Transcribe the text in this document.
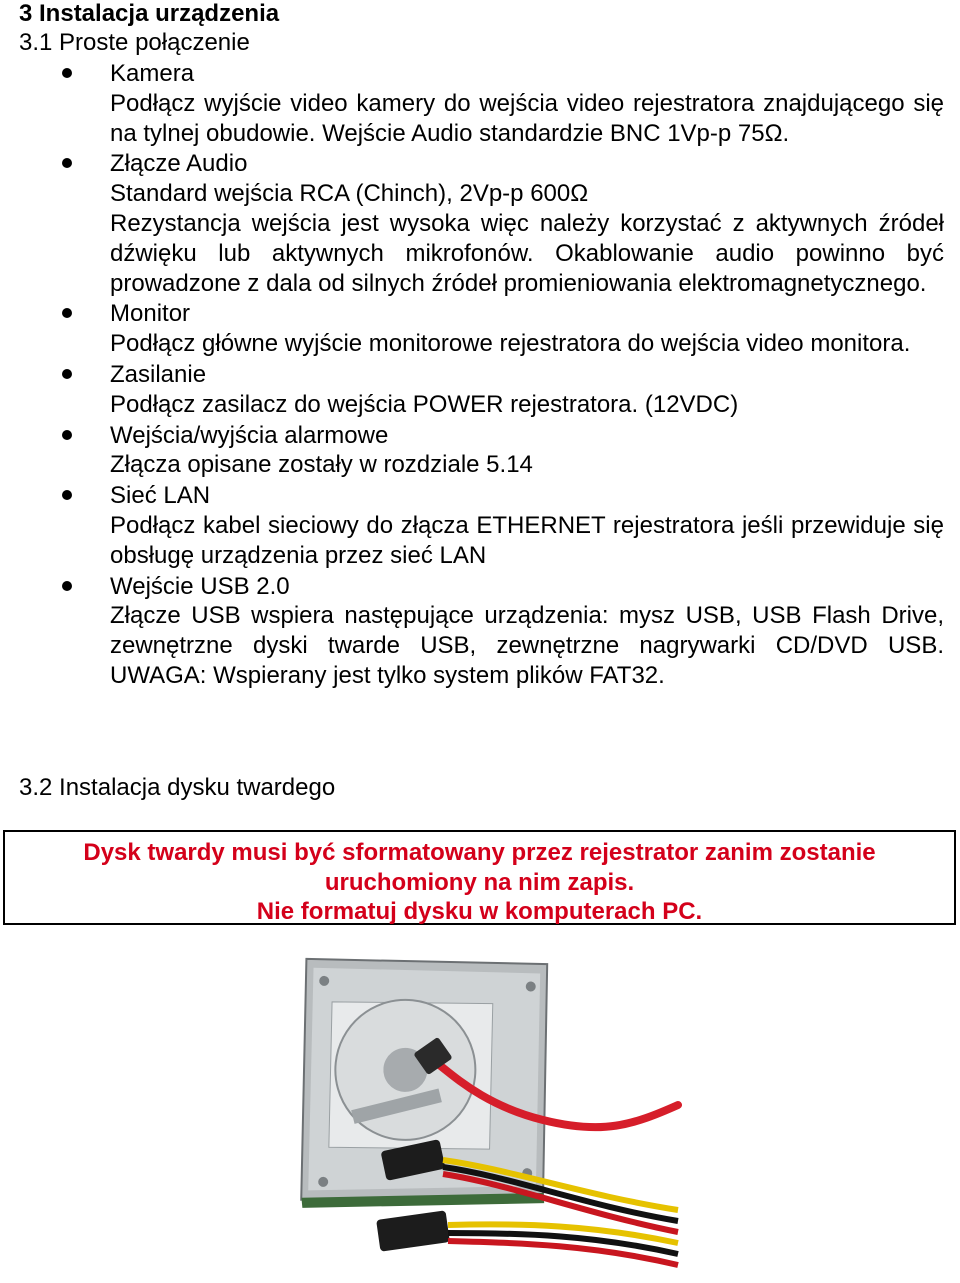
3 Instalacja urządzenia
3.1 Proste połączenie
Kamera
Podłącz wyjście video kamery do wejścia video rejestratora znajdującego się na tylnej obudowie. Wejście Audio standardzie BNC 1Vp-p 75Ω.
Złącze Audio
Standard wejścia RCA (Chinch), 2Vp-p 600Ω
Rezystancja wejścia jest wysoka więc należy korzystać z aktywnych źródeł dźwięku lub aktywnych mikrofonów. Okablowanie audio powinno być prowadzone z dala od silnych źródeł promieniowania elektromagnetycznego.
Monitor
Podłącz główne wyjście monitorowe rejestratora do wejścia video monitora.
Zasilanie
Podłącz zasilacz do wejścia POWER rejestratora. (12VDC)
Wejścia/wyjścia alarmowe
Złącza opisane zostały w rozdziale 5.14
Sieć LAN
Podłącz kabel sieciowy do złącza ETHERNET rejestratora jeśli przewiduje się obsługę urządzenia przez sieć LAN
Wejście USB 2.0
Złącze USB wspiera następujące urządzenia: mysz USB, USB Flash Drive, zewnętrzne dyski twarde USB, zewnętrzne nagrywarki CD/DVD USB. UWAGA: Wspierany jest tylko system plików FAT32.
3.2 Instalacja dysku twardego
Dysk twardy musi być sformatowany przez rejestrator zanim zostanie
uruchomiony na nim zapis.
Nie formatuj dysku w komputerach PC.
